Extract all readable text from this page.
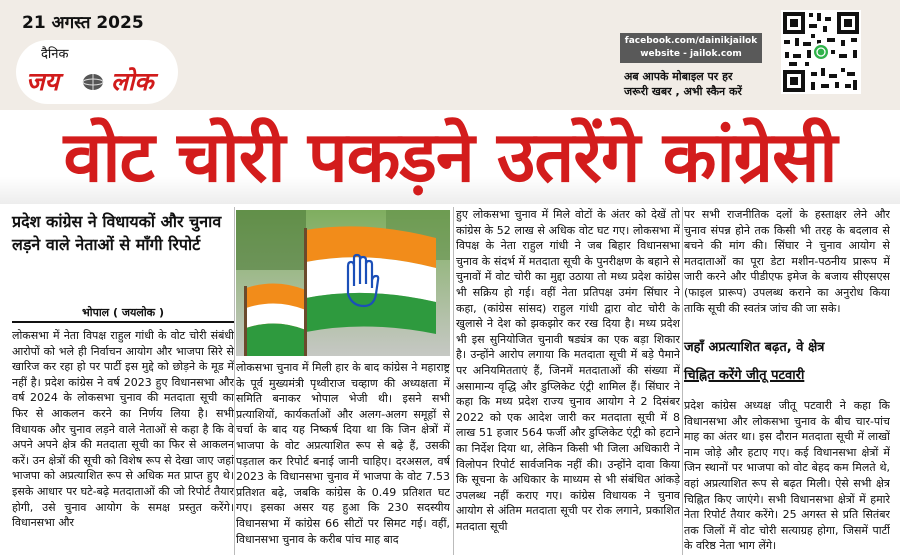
21 अगस्त 2025
दैनिक
जय लोक
facebook.com/dainikjailok
website - jailok.com
अब आपके मोबाइल पर हर
जरूरी खबर , अभी स्कैन करें
वोट चोरी पकड़ने उतरेंगे कांग्रेसी
प्रदेश कांग्रेस ने विधायकों और चुनाव लड़ने वाले नेताओं से माँगी रिपोर्ट
भोपाल ( जयलोक )

लोकसभा में नेता विपक्ष राहुल गांधी के वोट चोरी संबंधी आरोपों को भले ही निर्वाचन आयोग और भाजपा सिरे से खारिज कर रहा हो पर पार्टी इस मुद्दे को छोड़ने के मूड में नहीं है। प्रदेश कांग्रेस ने वर्ष 2023 हुए विधानसभा और वर्ष 2024 के लोकसभा चुनाव की मतदाता सूची का फिर से आकलन करने का निर्णय लिया है। सभी विधायक और चुनाव लड़ने वाले नेताओं से कहा है कि वे अपने अपने क्षेत्र की मतदाता सूची का फिर से आकलन करें। उन क्षेत्रों की सूची को विशेष रूप से देखा जाए जहां भाजपा को अप्रत्याशित रूप से अधिक मत प्राप्त हुए थे। इसके आधार पर घटे-बढ़े मतदाताओं की जो रिपोर्ट तैयार होगी, उसे चुनाव आयोग के समक्ष प्रस्तुत करेंगे। विधानसभा और

लोकसभा चुनाव में मिली हार के बाद कांग्रेस ने महाराष्ट्र के पूर्व मुख्यमंत्री पृथ्वीराज चव्हाण की अध्यक्षता में समिति बनाकर भोपाल भेजी थी। इसने सभी प्रत्याशियों, कार्यकर्ताओं और अलग-अलग समूहों से चर्चा के बाद यह निष्कर्ष दिया था कि जिन क्षेत्रों में भाजपा के वोट अप्रत्याशित रूप से बढ़े हैं, उसकी पड़ताल कर रिपोर्ट बनाई जानी चाहिए। दरअसल, वर्ष 2023 के विधानसभा चुनाव में भाजपा के वोट 7.53 प्रतिशत बढ़े, जबकि कांग्रेस के 0.49 प्रतिशत घट गए। इसका असर यह हुआ कि 230 सदस्यीय विधानसभा में कांग्रेस 66 सीटों पर सिमट गई। वहीं, विधानसभा चुनाव के करीब पांच माह बाद

हुए लोकसभा चुनाव में मिले वोटों के अंतर को देखें तो कांग्रेस के 52 लाख से अधिक वोट घट गए। लोकसभा में विपक्ष के नेता राहुल गांधी ने जब बिहार विधानसभा चुनाव के संदर्भ में मतदाता सूची के पुनरीक्षण के बहाने से चुनावों में वोट चोरी का मुद्दा उठाया तो मध्य प्रदेश कांग्रेस भी सक्रिय हो गई। वहीं नेता प्रतिपक्ष उमंग सिंघार ने कहा, (कांग्रेस सांसद) राहुल गांधी द्वारा वोट चोरी के खुलासे ने देश को झकझोर कर रख दिया है। मध्य प्रदेश भी इस सुनियोजित चुनावी षड्यंत्र का एक बड़ा शिकार है। उन्होंने आरोप लगाया कि मतदाता सूची में बड़े पैमाने पर अनियमितताएं हैं, जिनमें मतदाताओं की संख्या में असामान्य वृद्धि और डुप्लिकेट एंट्री शामिल हैं। सिंघार ने कहा कि मध्य प्रदेश राज्य चुनाव आयोग ने 2 दिसंबर 2022 को एक आदेश जारी कर मतदाता सूची में 8 लाख 51 हजार 564 फर्जी और डुप्लिकेट एंट्री को हटाने का निर्देश दिया था, लेकिन किसी भी जिला अधिकारी ने विलोपन रिपोर्ट सार्वजनिक नहीं की। उन्होंने दावा किया कि सूचना के अधिकार के माध्यम से भी संबंधित आंकड़े उपलब्ध नहीं कराए गए। कांग्रेस विधायक ने चुनाव आयोग से अंतिम मतदाता सूची पर रोक लगाने, प्रकाशित मतदाता सूची

पर सभी राजनीतिक दलों के हस्ताक्षर लेने और चुनाव संपन्न होने तक किसी भी तरह के बदलाव से बचने की मांग की। सिंघार ने चुनाव आयोग से मतदाताओं का पूरा डेटा मशीन-पठनीय प्रारूप में जारी करने और पीडीएफ इमेज के बजाय सीएसएस (फाइल प्रारूप) उपलब्ध कराने का अनुरोध किया ताकि सूची की स्वतंत्र जांच की जा सके।

जहाँ अप्रत्याशित बढ़त, वे क्षेत्र
चिह्नित करेंगे जीतू पटवारी

प्रदेश कांग्रेस अध्यक्ष जीतू पटवारी ने कहा कि विधानसभा और लोकसभा चुनाव के बीच चार-पांच माह का अंतर था। इस दौरान मतदाता सूची में लाखों नाम जोड़े और हटाए गए। कई विधानसभा क्षेत्रों में जिन स्थानों पर भाजपा को वोट बेहद कम मिलते थे, वहां अप्रत्याशित रूप से बढ़त मिली। ऐसे सभी क्षेत्र चिह्नित किए जाएंगे। सभी विधानसभा क्षेत्रों में हमारे नेता रिपोर्ट तैयार करेंगे। 25 अगस्त से प्रति सितंबर तक जिलों में वोट चोरी सत्याग्रह होगा, जिसमें पार्टी के वरिष्ठ नेता भाग लेंगे।
